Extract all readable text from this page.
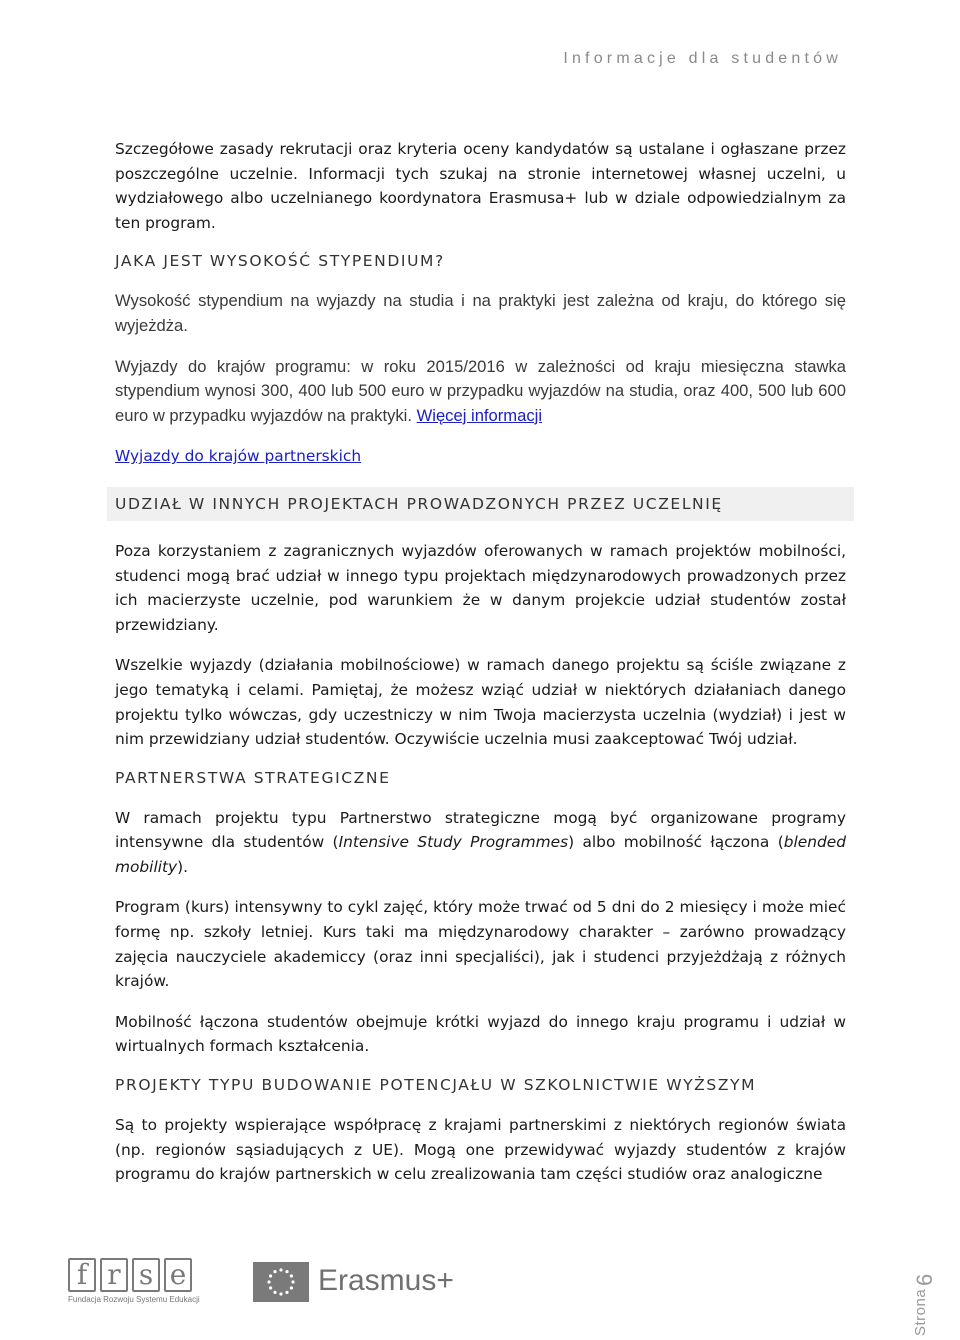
Informacje dla studentów

Szczegółowe zasady rekrutacji oraz kryteria oceny kandydatów są ustalane i ogłaszane przez poszczególne uczelnie. Informacji tych szukaj na stronie internetowej własnej uczelni, u wydziałowego albo uczelnianego koordynatora Erasmusa+ lub w dziale odpowiedzialnym za ten program.

JAKA JEST WYSOKOŚĆ STYPENDIUM?

Wysokość stypendium na wyjazdy na studia i na praktyki jest zależna od kraju, do którego się wyjeżdża.

Wyjazdy do krajów programu: w roku 2015/2016 w zależności od kraju miesięczna stawka stypendium wynosi 300, 400 lub 500 euro w przypadku wyjazdów na studia, oraz 400, 500 lub 600 euro w przypadku wyjazdów na praktyki. Więcej informacji

Wyjazdy do krajów partnerskich
UDZIAŁ W INNYCH PROJEKTACH PROWADZONYCH PRZEZ UCZELNIĘ

Poza korzystaniem z zagranicznych wyjazdów oferowanych w ramach projektów mobilności, studenci mogą brać udział w innego typu projektach międzynarodowych prowadzonych przez ich macierzyste uczelnie, pod warunkiem że w danym projekcie udział studentów został przewidziany.

Wszelkie wyjazdy (działania mobilnościowe) w ramach danego projektu są ściśle związane z jego tematyką i celami. Pamiętaj, że możesz wziąć udział w niektórych działaniach danego projektu tylko wówczas, gdy uczestniczy w nim Twoja macierzysta uczelnia (wydział) i jest w nim przewidziany udział studentów. Oczywiście uczelnia musi zaakceptować Twój udział.

PARTNERSTWA STRATEGICZNE

W ramach projektu typu Partnerstwo strategiczne mogą być organizowane programy intensywne dla studentów (Intensive Study Programmes) albo mobilność łączona (blended mobility).

Program (kurs) intensywny to cykl zajęć, który może trwać od 5 dni do 2 miesięcy i może mieć formę np. szkoły letniej. Kurs taki ma międzynarodowy charakter – zarówno prowadzący zajęcia nauczyciele akademiccy (oraz inni specjaliści), jak i studenci przyjeżdżają z różnych krajów.

Mobilność łączona studentów obejmuje krótki wyjazd do innego kraju programu i udział w wirtualnych formach kształcenia.

PROJEKTY TYPU BUDOWANIE POTENCJAŁU W SZKOLNICTWIE WYŻSZYM

Są to projekty wspierające współpracę z krajami partnerskimi z niektórych regionów świata (np. regionów sąsiadujących z UE). Mogą one przewidywać wyjazdy studentów z krajów programu do krajów partnerskich w celu zrealizowania tam części studiów oraz analogiczne

f r s e
Fundacja Rozwoju Systemu Edukacji
Erasmus+
Strona
6
